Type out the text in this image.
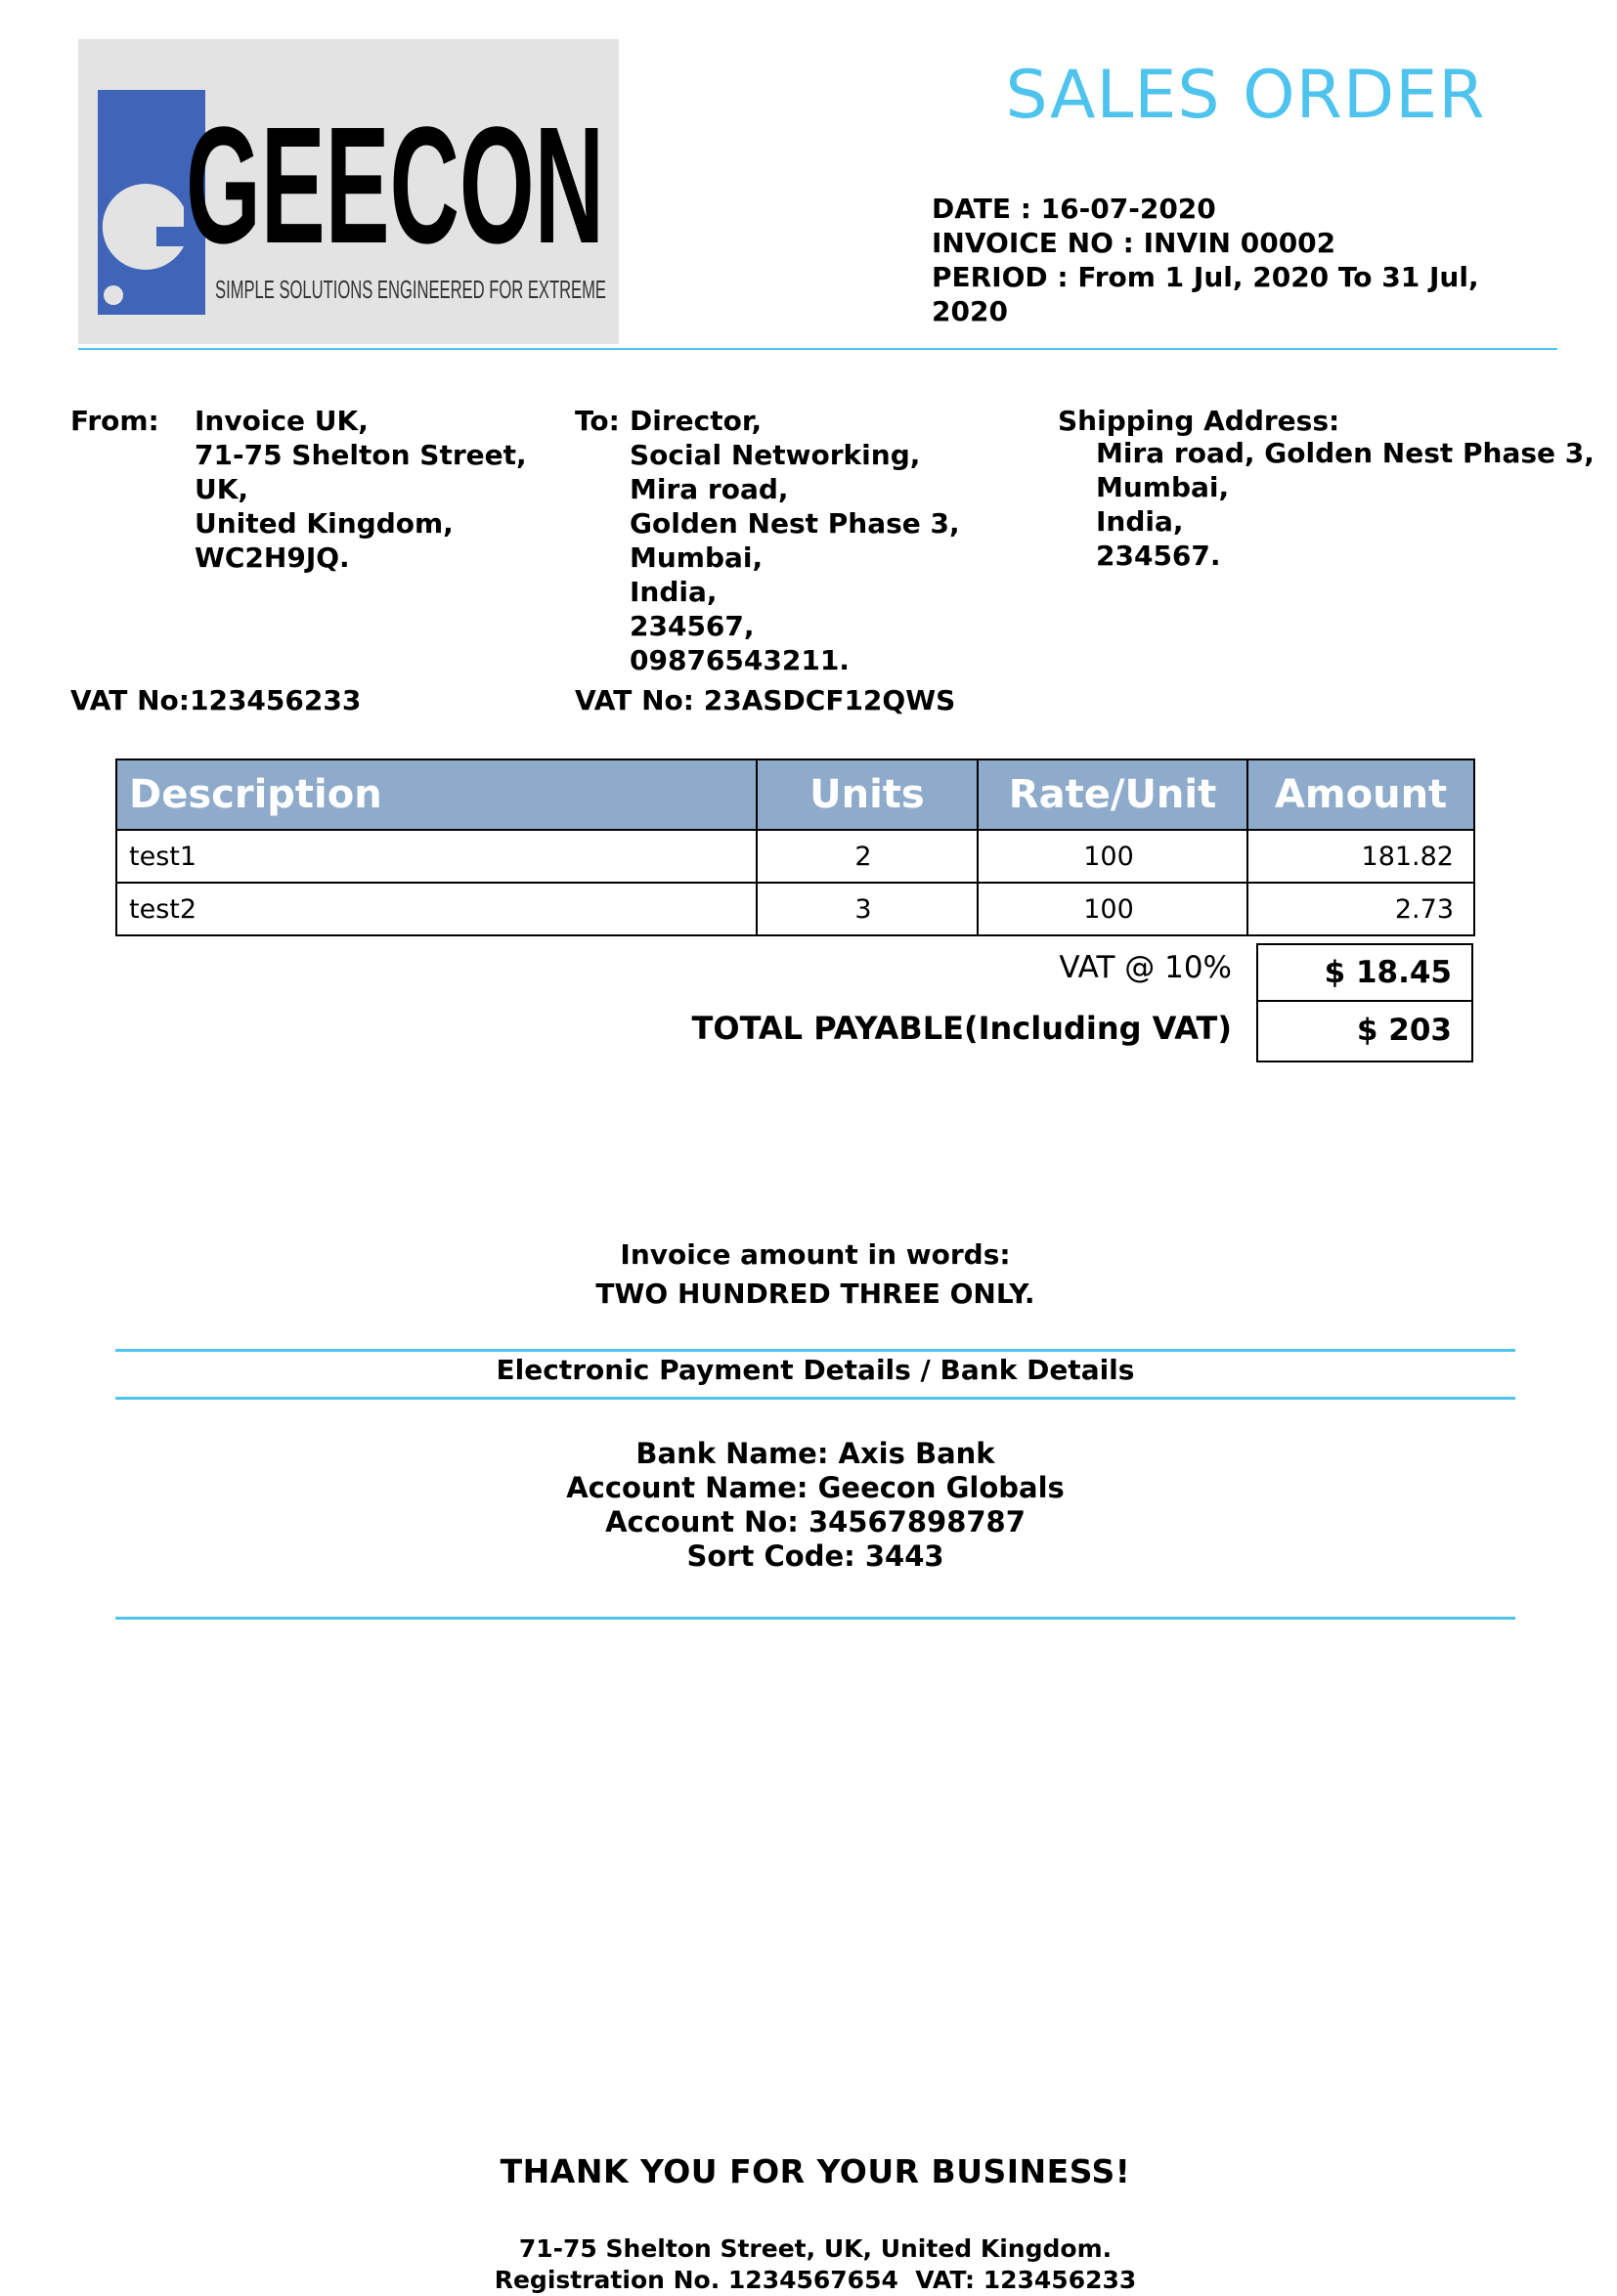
GEECON
SIMPLE SOLUTIONS ENGINEERED FOR EXTREME
SALES ORDER
DATE : 16-07-2020
INVOICE NO : INVIN 00002
PERIOD : From 1 Jul, 2020 To 31 Jul,
2020
From: Invoice UK,
71-75 Shelton Street,
UK,
United Kingdom,
WC2H9JQ.
VAT No:123456233
To: Director,
Social Networking,
Mira road,
Golden Nest Phase 3,
Mumbai,
India,
234567,
09876543211.
VAT No: 23ASDCF12QWS
Shipping Address:
Mira road, Golden Nest Phase 3,
Mumbai,
India,
234567.
Description	Units	Rate/Unit	Amount
test1	2	100	181.82
test2	3	100	2.73
VAT @ 10%	$ 18.45
TOTAL PAYABLE(Including VAT)	$ 203
Invoice amount in words:
TWO HUNDRED THREE ONLY.
Electronic Payment Details / Bank Details
Bank Name: Axis Bank
Account Name: Geecon Globals
Account No: 34567898787
Sort Code: 3443
THANK YOU FOR YOUR BUSINESS!
71-75 Shelton Street, UK, United Kingdom.
Registration No. 1234567654  VAT: 123456233
